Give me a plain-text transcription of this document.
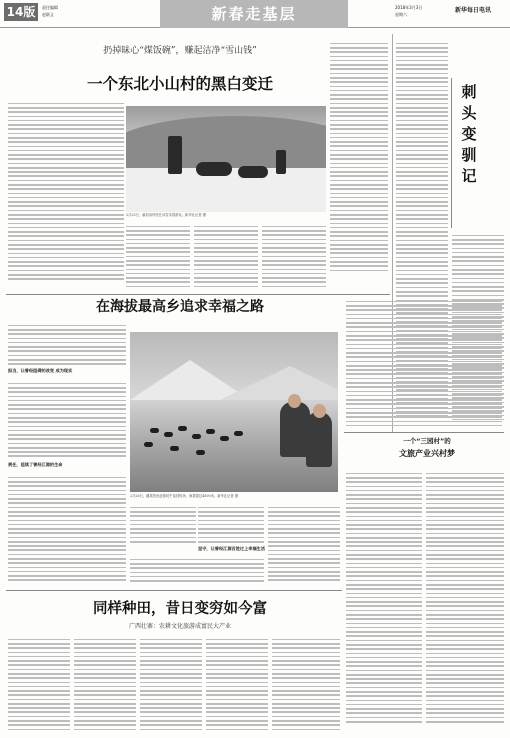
14版	责任编辑
赵联义	新春走基层	2018年3月3日
星期六
新华每日电讯
扔掉昧心“煤饭碗”，赚起洁净“雪山钱”
一个东北小山村的黑白变迁
2月25日，扁担沟村民在冰雪乐园游玩。新华社记者 摄
刺头变驯记
在海拔最高乡追求幸福之路
担当，让曾经阻碍的改变 成为现实
责任，延续了曾经江源的生命
2月26日，藏族牧民赶着牦牛返回牧场，海拔超过4500米。新华社记者 摄
坚守，让曾经江源百姓过上幸福生活
一个“三园村”的
文旅产业兴村梦
同样种田，昔日变穷如今富
广西壮寨：农耕文化旅游成富民大产业
